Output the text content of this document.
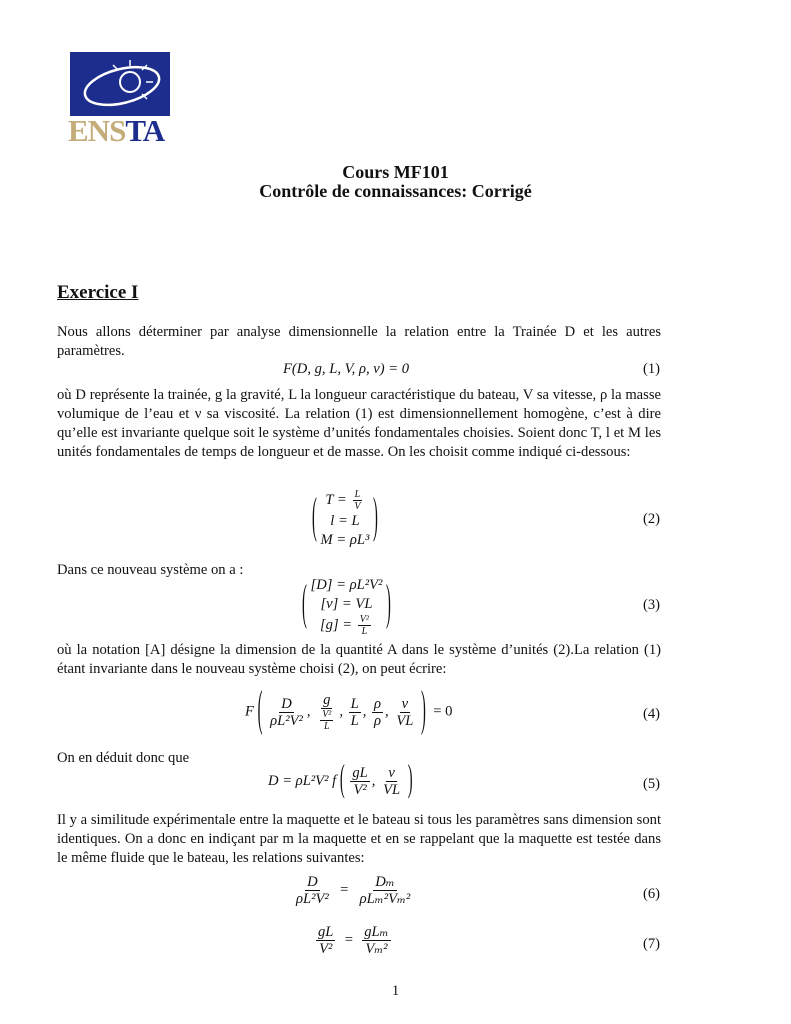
ENSTA
Cours MF101
Contrôle de connaissances: Corrigé
Exercice I
Nous allons déterminer par analyse dimensionnelle la relation entre la Trainée D et les autres paramètres.
F(D, g, L, V, ρ, ν) = 0	(1)
où D représente la trainée, g la gravité, L la longueur caractéristique du bateau, V sa vitesse, ρ la masse volumique de l’eau et ν sa viscosité. La relation (1) est dimensionnellement homogène, c’est à dire qu’elle est invariante quelque soit le système d’unités fondamentales choisies. Soient donc T, l et M les unités fondamentales de temps de longueur et de masse. On les choisit comme indiqué ci-dessous:
( $T = \frac{L}{V}$
l = L
M = ρL³ )	(2)
Dans ce nouveau système on a :
( [D] = ρL²V²
[ν] = VL
$[g] = \frac{\text{V²}}{L}$ )	(3)
où la notation [A] désigne la dimension de la quantité A dans le système d’unités (2).La relation (1) étant invariante dans le nouveau système choisi (2), on peut écrire:
F ( $\frac{D}{\text{ρL²V²}}$ , $\frac{g}{\frac{\text{V²}}{L}}$ , $\frac{L}{L}$ , $\frac{\rho}{\rho}$ , $\frac{\nu}{VL}$ ) = 0	(4)
On en déduit donc que
D = ρL²V² f ( $\frac{gL}{\text{V²}}$ , $\frac{\nu}{VL}$ )	(5)
Il y a similitude expérimentale entre la maquette et le bateau si tous les paramètres sans dimension sont identiques. On a donc en indiçant par m la maquette et en se rappelant que la maquette est testée dans le même fluide que le bateau, les relations suivantes:
$\frac{D}{\text{ρL²V²}} = \frac{\text{Dₘ}}{\text{ρLₘ²Vₘ²}}$	(6)
$\frac{gL}{\text{V²}} = \frac{\text{gLₘ}}{\text{Vₘ²}}$	(7)
1
